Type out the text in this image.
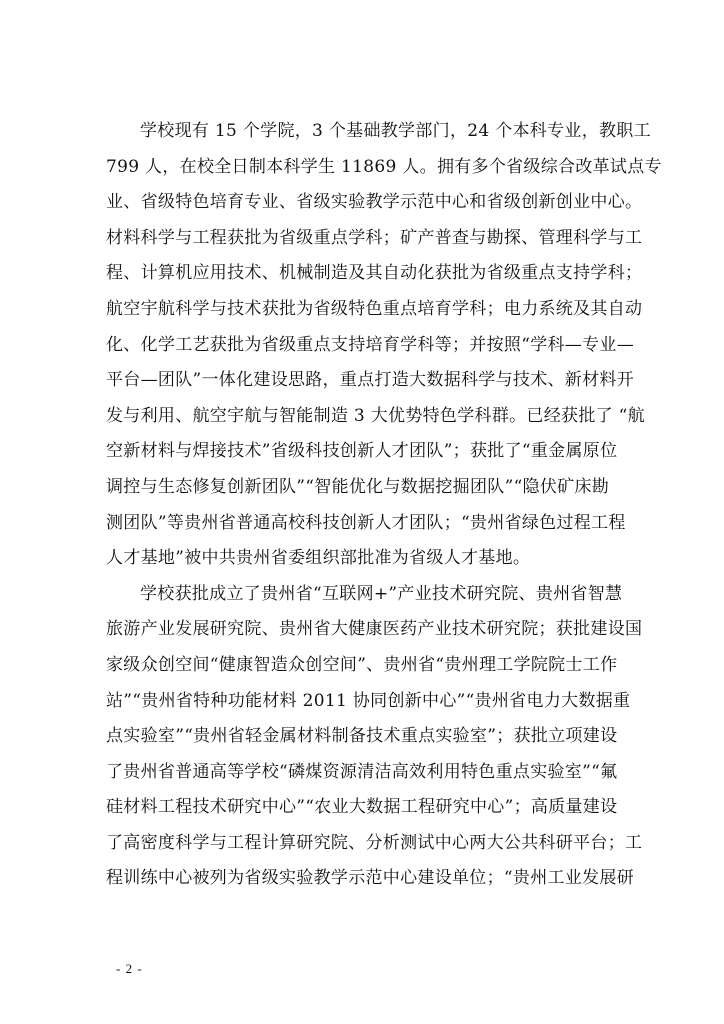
学校现有 15 个学院，3 个基础教学部门，24 个本科专业，教职工
799 人，在校全日制本科学生 11869 人。拥有多个省级综合改革试点专
业、省级特色培育专业、省级实验教学示范中心和省级创新创业中心。
材料科学与工程获批为省级重点学科；矿产普查与勘探、管理科学与工
程、计算机应用技术、机械制造及其自动化获批为省级重点支持学科；
航空宇航科学与技术获批为省级特色重点培育学科；电力系统及其自动
化、化学工艺获批为省级重点支持培育学科等；并按照“学科—专业—
平台—团队”一体化建设思路，重点打造大数据科学与技术、新材料开
发与利用、航空宇航与智能制造 3 大优势特色学科群。已经获批了 “航
空新材料与焊接技术”省级科技创新人才团队”；获批了“重金属原位
调控与生态修复创新团队”“智能优化与数据挖掘团队”“隐伏矿床勘
测团队”等贵州省普通高校科技创新人才团队；“贵州省绿色过程工程
人才基地”被中共贵州省委组织部批准为省级人才基地。
学校获批成立了贵州省“互联网+”产业技术研究院、贵州省智慧
旅游产业发展研究院、贵州省大健康医药产业技术研究院；获批建设国
家级众创空间“健康智造众创空间”、贵州省“贵州理工学院院士工作
站”“贵州省特种功能材料 2011 协同创新中心”“贵州省电力大数据重
点实验室”“贵州省轻金属材料制备技术重点实验室”；获批立项建设
了贵州省普通高等学校“磷煤资源清洁高效利用特色重点实验室”“氟
硅材料工程技术研究中心”“农业大数据工程研究中心”；高质量建设
了高密度科学与工程计算研究院、分析测试中心两大公共科研平台；工
程训练中心被列为省级实验教学示范中心建设单位；“贵州工业发展研
- 2 -
